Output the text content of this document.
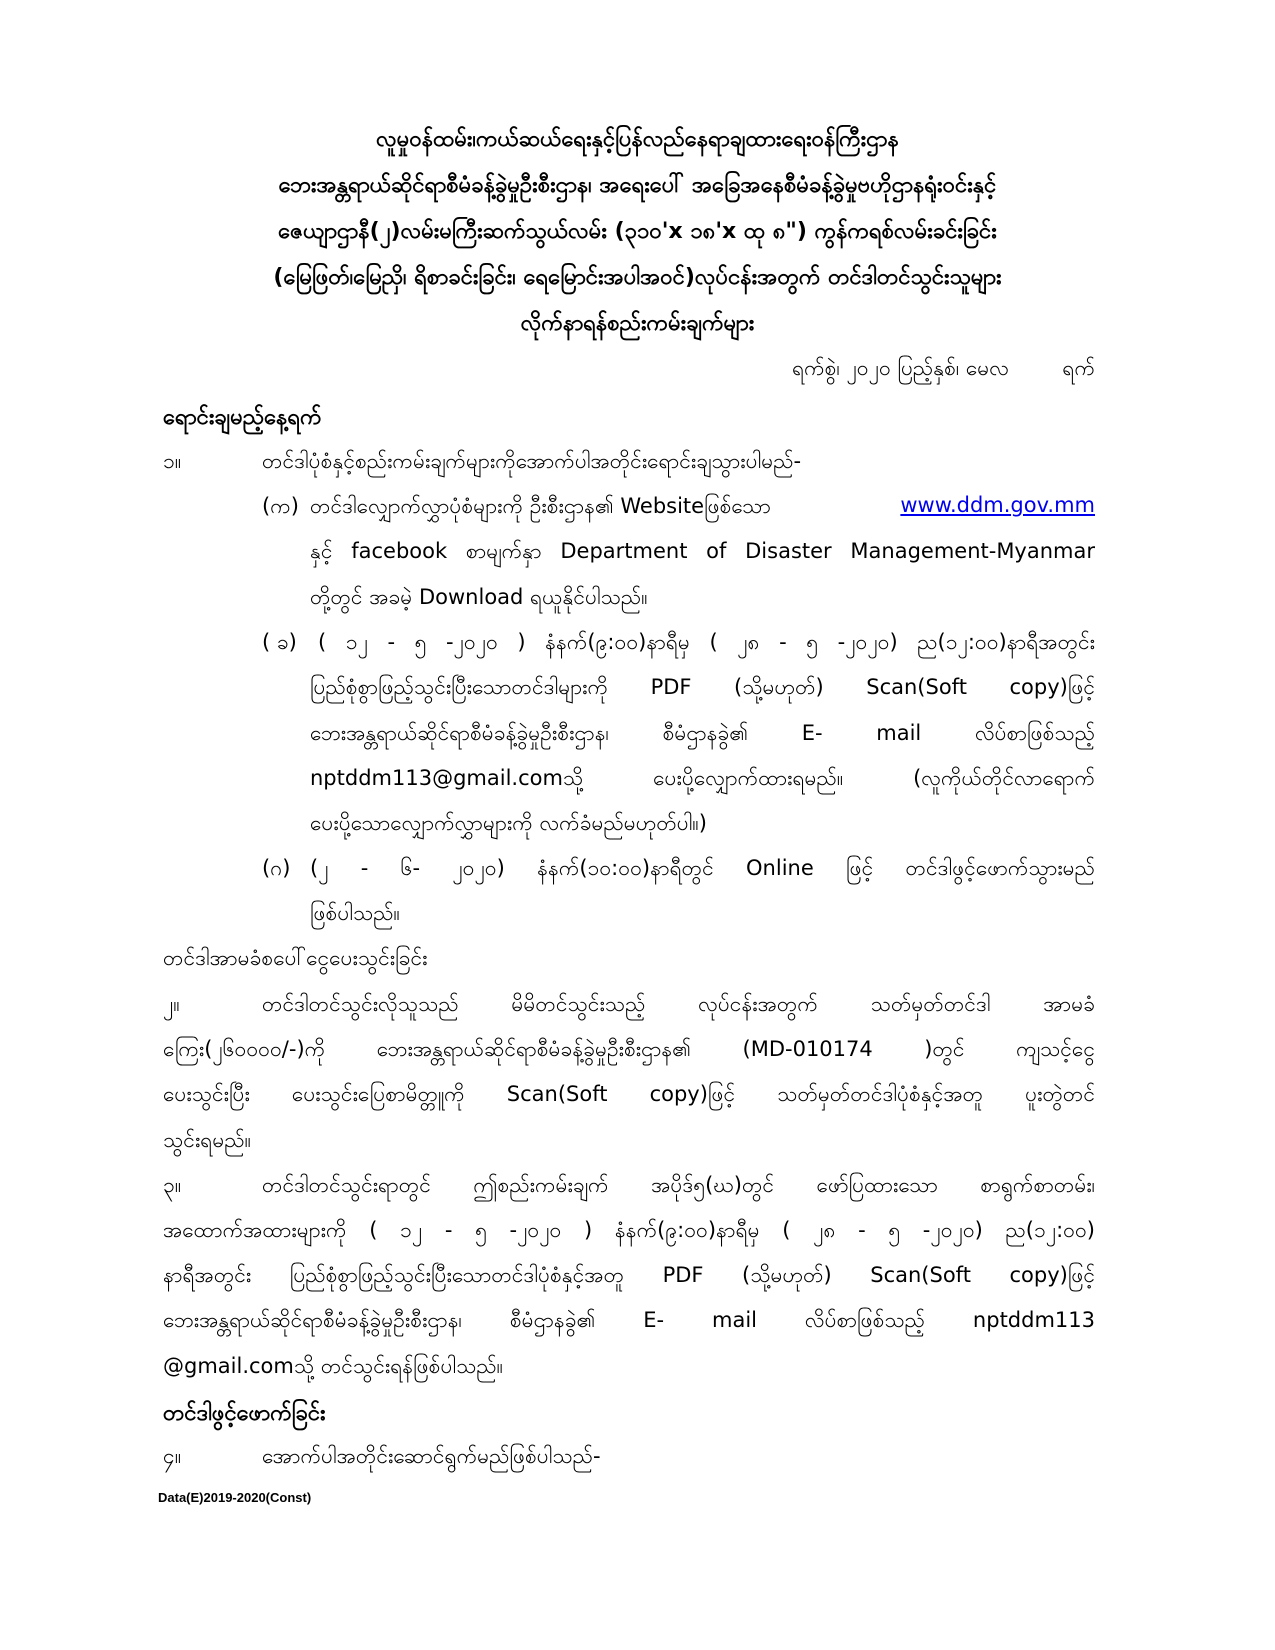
လူမှုဝန်ထမ်း၊ကယ်ဆယ်ရေးနှင့်ပြန်လည်နေရာချထားရေးဝန်ကြီးဌာန
ဘေးအန္တရာယ်ဆိုင်ရာစီမံခန့်ခွဲမှုဦးစီးဌာန၊ အရေးပေါ် အခြေအနေစီမံခန့်ခွဲမှုဗဟိုဌာနရုံးဝင်းနှင့်
ဇေယျာဌာနီ(၂)လမ်းမကြီးဆက်သွယ်လမ်း (၃၁၀'x ၁၈'x ထု ၈") ကွန်ကရစ်လမ်းခင်းခြင်း
(မြေဖြတ်၊မြေညှိ၊ ရိစာခင်းခြင်း၊ ရေမြောင်းအပါအဝင်)လုပ်ငန်းအတွက် တင်ဒါတင်သွင်းသူများ
လိုက်နာရန်စည်းကမ်းချက်များ
ရက်စွဲ၊ ၂၀၂၀ ပြည့်နှစ်၊ မေလ        ရက်
ရောင်းချမည့်နေ့ရက်
၁။	တင်ဒါပုံစံနှင့်စည်းကမ်းချက်များကိုအောက်ပါအတိုင်းရောင်းချသွားပါမည်-
(က) တင်ဒါလျှောက်လွှာပုံစံများကို ဦးစီးဌာန၏ Websiteဖြစ်သော	www.ddm.gov.mm
နှင့် facebook စာမျက်နှာ Department of Disaster Management-Myanmar
တို့တွင် အခမဲ့ Download ရယူနိုင်ပါသည်။
( ခ) ( ၁၂ - ၅ -၂၀၂၀ ) နံနက်(၉:၀၀)နာရီမှ ( ၂၈ - ၅ -၂၀၂၀) ည(၁၂:၀၀)နာရီအတွင်း
ပြည်စုံစွာဖြည့်သွင်းပြီးသောတင်ဒါများကို PDF (သို့မဟုတ်) Scan(Soft copy)ဖြင့်
ဘေးအန္တရာယ်ဆိုင်ရာစီမံခန့်ခွဲမှုဦးစီးဌာန၊ စီမံဌာနခွဲ၏ E- mail လိပ်စာဖြစ်သည့်
nptddm113@gmail.comသို့ ပေးပို့လျှောက်ထားရမည်။ (လူကိုယ်တိုင်လာရောက်
ပေးပို့သောလျှောက်လွှာများကို လက်ခံမည်မဟုတ်ပါ။)
(ဂ) (၂ - ၆- ၂၀၂၀) နံနက်(၁၀:၀၀)နာရီတွင် Online ဖြင့် တင်ဒါဖွင့်ဖောက်သွားမည်
ဖြစ်ပါသည်။
တင်ဒါအာမခံစပေါ်ငွေပေးသွင်းခြင်း
၂။	တင်ဒါတင်သွင်းလိုသူသည် မိမိတင်သွင်းသည့် လုပ်ငန်းအတွက် သတ်မှတ်တင်ဒါ အာမခံ
ကြေး(၂၆၀၀၀၀/-)ကို ဘေးအန္တရာယ်ဆိုင်ရာစီမံခန့်ခွဲမှုဦးစီးဌာန၏ (MD-010174 )တွင် ကျသင့်ငွေ
ပေးသွင်းပြီး ပေးသွင်းပြေစာမိတ္တူကို Scan(Soft copy)ဖြင့် သတ်မှတ်တင်ဒါပုံစံနှင့်အတူ ပူးတွဲတင်
သွင်းရမည်။
၃။	တင်ဒါတင်သွင်းရာတွင် ဤစည်းကမ်းချက် အပိုဒ်၅(ဃ)တွင် ဖော်ပြထားသော စာရွက်စာတမ်း၊
အထောက်အထားများကို ( ၁၂ - ၅ -၂၀၂၀ ) နံနက်(၉:၀၀)နာရီမှ ( ၂၈ - ၅ -၂၀၂၀) ည(၁၂:၀၀)
နာရီအတွင်း ပြည်စုံစွာဖြည့်သွင်းပြီးသောတင်ဒါပုံစံနှင့်အတူ PDF (သို့မဟုတ်) Scan(Soft copy)ဖြင့်
ဘေးအန္တရာယ်ဆိုင်ရာစီမံခန့်ခွဲမှုဦးစီးဌာန၊ စီမံဌာနခွဲ၏ E- mail လိပ်စာဖြစ်သည့် nptddm113
@gmail.comသို့ တင်သွင်းရန်ဖြစ်ပါသည်။
တင်ဒါဖွင့်ဖောက်ခြင်း
၄။	အောက်ပါအတိုင်းဆောင်ရွက်မည်ဖြစ်ပါသည်-
Data(E)2019-2020(Const)
